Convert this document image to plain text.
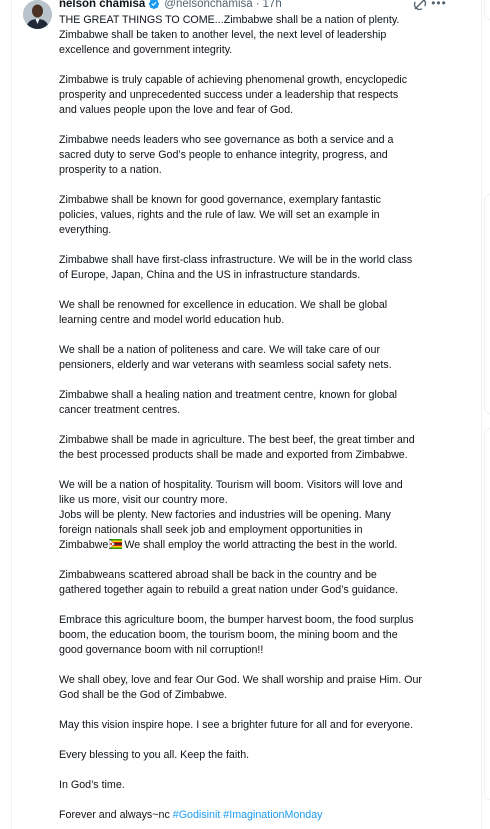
nelson chamisa @nelsonchamisa · 17h	•••
THE GREAT THINGS TO COME...Zimbabwe shall be a nation of plenty.
Zimbabwe shall be taken to another level, the next level of leadership
excellence and government integrity.
Zimbabwe is truly capable of achieving phenomenal growth, encyclopedic
prosperity and unprecedented success under a leadership that respects
and values people upon the love and fear of God.
Zimbabwe needs leaders who see governance as both a service and a
sacred duty to serve God’s people to enhance integrity, progress, and
prosperity to a nation.
Zimbabwe shall be known for good governance, exemplary fantastic
policies, values, rights and the rule of law. We will set an example in
everything.
Zimbabwe shall have first-class infrastructure. We will be in the world class
of Europe, Japan, China and the US in infrastructure standards.
We shall be renowned for excellence in education. We shall be global
learning centre and model world education hub.
We shall be a nation of politeness and care. We will take care of our
pensioners, elderly and war veterans with seamless social safety nets.
Zimbabwe shall a healing nation and treatment centre, known for global
cancer treatment centres.
Zimbabwe shall be made in agriculture. The best beef, the great timber and
the best processed products shall be made and exported from Zimbabwe.
We will be a nation of hospitality. Tourism will boom. Visitors will love and
like us more, visit our country more.
Jobs will be plenty. New factories and industries will be opening. Many
foreign nationals shall seek job and employment opportunities in
Zimbabwe We shall employ the world attracting the best in the world.
Zimbabweans scattered abroad shall be back in the country and be
gathered together again to rebuild a great nation under God’s guidance.
Embrace this agriculture boom, the bumper harvest boom, the food surplus
boom, the education boom, the tourism boom, the mining boom and the
good governance boom with nil corruption!!
We shall obey, love and fear Our God. We shall worship and praise Him. Our
God shall be the God of Zimbabwe.
May this vision inspire hope. I see a brighter future for all and for everyone.
Every blessing to you all. Keep the faith.
In God’s time.
Forever and always~nc #Godisinit #ImaginationMonday
